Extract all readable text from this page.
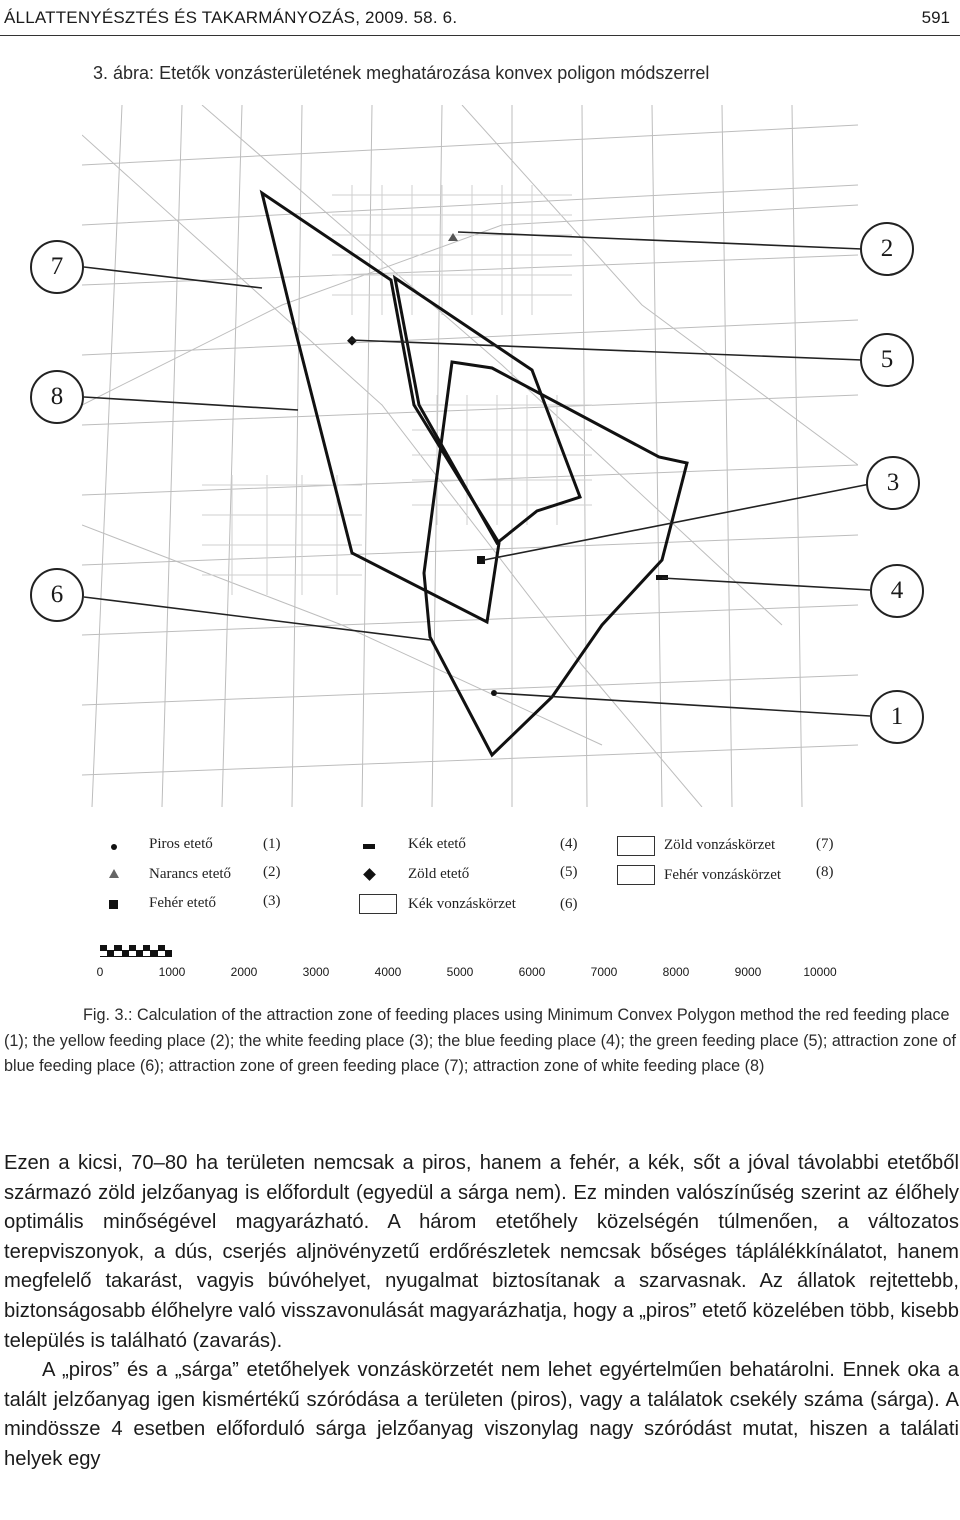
ÁLLATTENYÉSZTÉS ÉS TAKARMÁNYOZÁS, 2009. 58. 6.	591
3. ábra: Etetők vonzásterületének meghatározása konvex poligon módszerrel
7
2
5
8
3
6	4
1
Piros etető	(1)
Narancs etető (2)
Fehér etető	(3)
Kék etető	(4)
Zöld etető	(5)
Kék vonzáskörzet	(6)
Zöld vonzáskörzet	(7)
Fehér vonzáskörzet (8)
0	1000	2000	3000	4000	5000	6000	7000	8000	9000	10000
Fig. 3.: Calculation of the attraction zone of feeding places using Minimum Convex Polygon method the red feeding place (1); the yellow feeding place (2); the white feeding place (3); the blue feeding place (4); the green feeding place (5); attraction zone of blue feeding place (6); attraction zone of green feeding place (7); attraction zone of white feeding place (8)

Ezen a kicsi, 70–80 ha területen nemcsak a piros, hanem a fehér, a kék, sőt a jóval távolabbi etetőből származó zöld jelzőanyag is előfordult (egyedül a sárga nem). Ez minden valószínűség szerint az élőhely optimális minőségével magyarázható. A három etetőhely közelségén túlmenően, a változatos terepviszonyok, a dús, cserjés aljnövényzetű erdőrészletek nemcsak bőséges táplálékkínálatot, hanem megfelelő takarást, vagyis búvóhelyet, nyugalmat biztosítanak a szarvasnak. Az állatok rejtettebb, biztonságosabb élőhelyre való visszavonulását magyarázhatja, hogy a „piros” etető közelében több, kisebb település is található (zavarás).

A „piros” és a „sárga” etetőhelyek vonzáskörzetét nem lehet egyértelműen behatárolni. Ennek oka a talált jelzőanyag igen kismértékű szóródása a területen (piros), vagy a találatok csekély száma (sárga). A mindössze 4 esetben előforduló sárga jelzőanyag viszonylag nagy szóródást mutat, hiszen a találati helyek egy
